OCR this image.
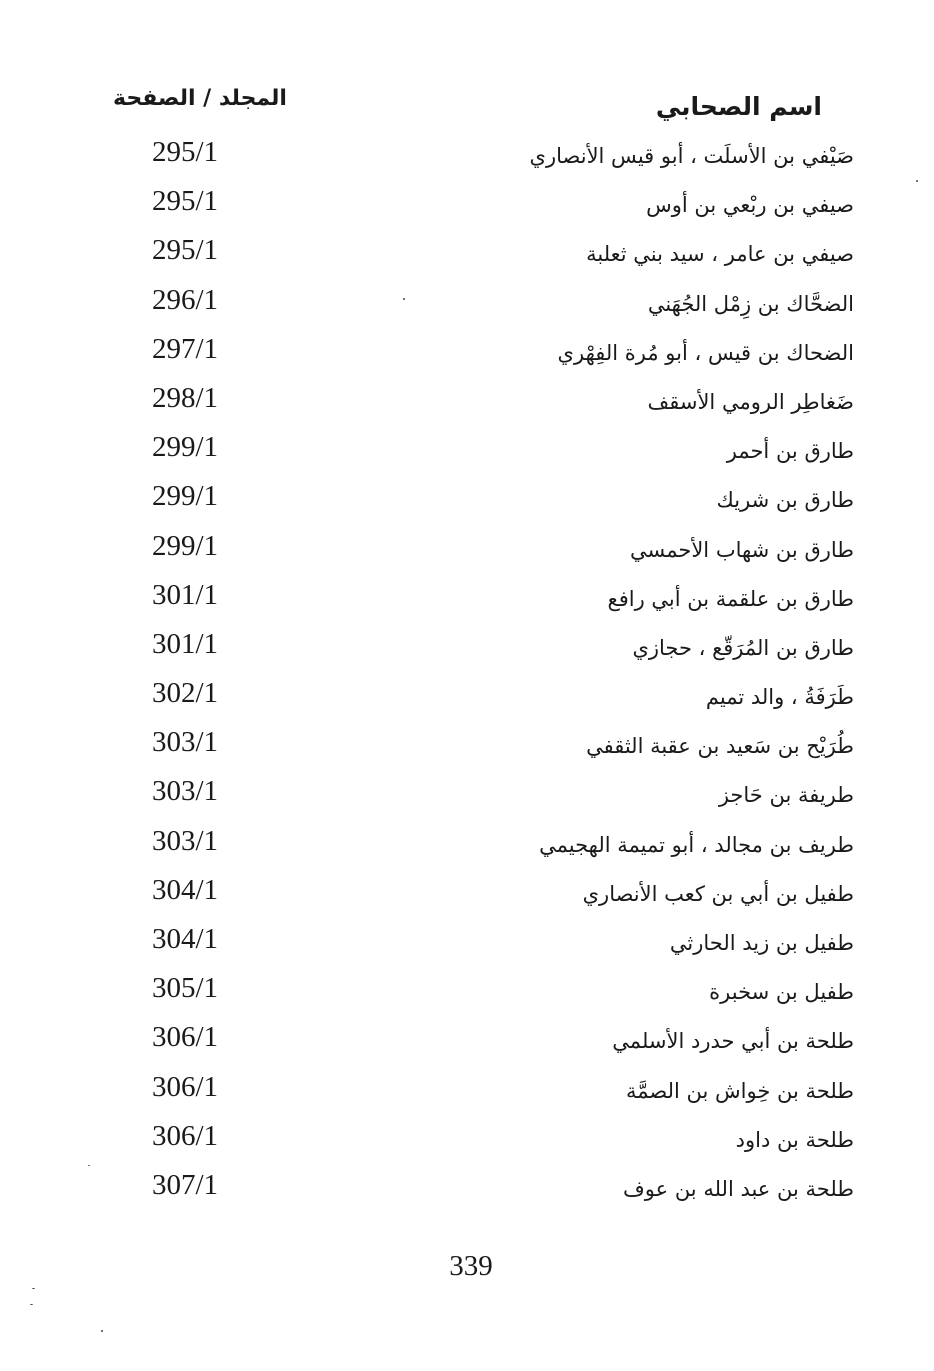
المجلد / الصفحة	اسم الصحابي
295/1	صَيْفي بن الأسلَت ، أبو قيس الأنصاري
295/1	صيفي بن ربْعي بن أوس
295/1	صيفي بن عامر ، سيد بني ثعلبة
296/1	الضحَّاك بن زِمْل الجُهَني
297/1	الضحاك بن قيس ، أبو مُرة الفِهْري
298/1	ضَغاطِر الرومي الأسقف
299/1	طارق بن أحمر
299/1	طارق بن شريك
299/1	طارق بن شهاب الأحمسي
301/1	طارق بن علقمة بن أبي رافع
301/1	طارق بن المُرَقّع ، حجازي
302/1	طَرَفَةُ ، والد تميم
303/1	طُرَيْح بن سَعيد بن عقبة الثقفي
303/1	طريفة بن حَاجز
303/1	طريف بن مجالد ، أبو تميمة الهجيمي
304/1	طفيل بن أبي بن كعب الأنصاري
304/1	طفيل بن زيد الحارثي
305/1	طفيل بن سخبرة
306/1	طلحة بن أبي حدرد الأسلمي
306/1	طلحة بن خِواش بن الصمَّة
306/1	طلحة بن داود
307/1	طلحة بن عبد الله بن عوف
339
